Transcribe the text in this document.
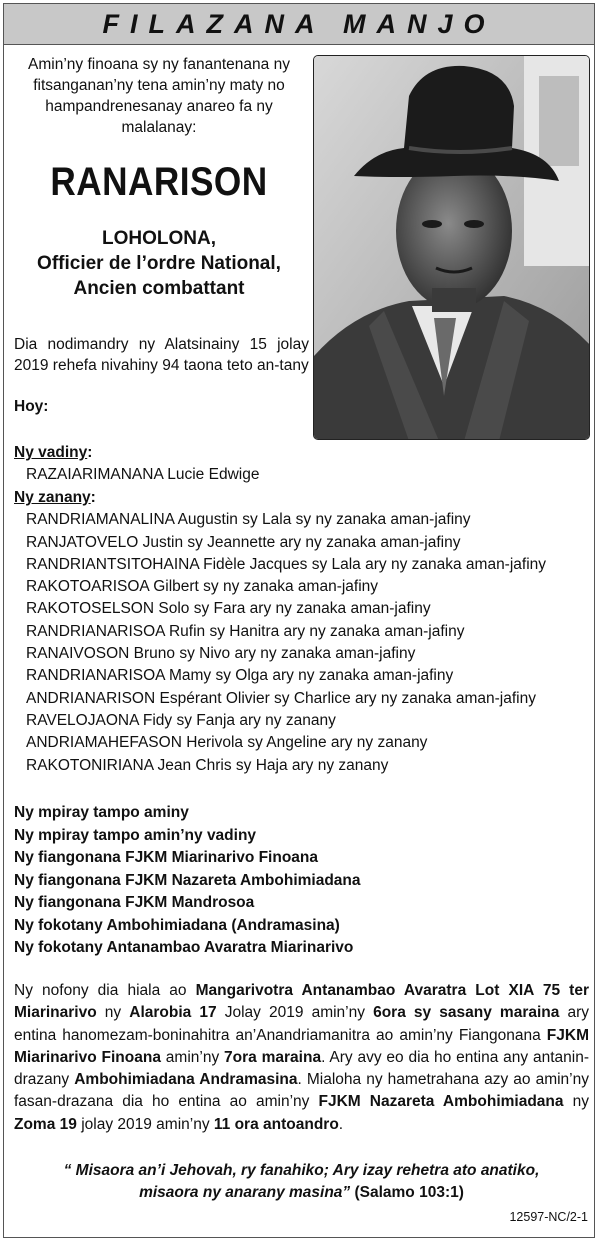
FILAZANA MANJO
Amin’ny finoana sy ny fanantenana ny fitsanganan’ny tena amin’ny maty no hampandrenesanay anareo fa ny malalanay:
RANARISON
LOHOLONA,
Officier de l’ordre National,
Ancien combattant
Dia nodimandry ny Alatsinainy 15 jolay 2019 rehefa nivahiny 94 taona teto an-tany
Hoy:
Ny vadiny:
RAZAIARIMANANA Lucie Edwige
Ny zanany:
RANDRIAMANALINA Augustin sy Lala sy ny zanaka aman-jafiny
RANJATOVELO Justin sy Jeannette ary ny zanaka aman-jafiny
RANDRIANTSITOHAINA Fidèle Jacques sy Lala ary ny zanaka aman-jafiny
RAKOTOARISOA Gilbert sy ny zanaka aman-jafiny
RAKOTOSELSON Solo sy Fara ary ny zanaka aman-jafiny
RANDRIANARISOA Rufin sy Hanitra ary ny zanaka aman-jafiny
RANAIVOSON Bruno sy Nivo ary ny zanaka aman-jafiny
RANDRIANARISOA Mamy sy Olga ary ny zanaka aman-jafiny
ANDRIANARISON Espérant Olivier sy Charlice ary ny zanaka aman-jafiny
RAVELOJAONA Fidy sy Fanja ary ny zanany
ANDRIAMAHEFASON Herivola sy Angeline ary ny zanany
RAKOTONIRIANA Jean Chris sy Haja ary ny zanany
Ny mpiray tampo aminy
Ny mpiray tampo amin’ny vadiny
Ny fiangonana FJKM Miarinarivo Finoana
Ny fiangonana FJKM Nazareta Ambohimiadana
Ny fiangonana FJKM Mandrosoa
Ny fokotany Ambohimiadana (Andramasina)
Ny fokotany Antanambao Avaratra Miarinarivo
Ny nofony dia hiala ao Mangarivotra Antanambao Avaratra Lot XIA 75 ter Miarinarivo ny Alarobia 17 Jolay 2019 amin’ny 6ora sy sasany maraina ary entina hanomezam-boninahitra an’Anandriamanitra ao amin’ny Fiangonana FJKM Miarinarivo Finoana amin’ny 7ora maraina. Ary avy eo dia ho entina any antanin-drazany Ambohimiadana Andramasina. Mialoha ny hametrahana azy ao amin’ny fasan-drazana dia ho entina ao amin’ny FJKM Nazareta Ambohimiadana ny Zoma 19 jolay 2019 amin’ny 11 ora antoandro.
“ Misaora an’i Jehovah, ry fanahiko; Ary izay rehetra ato anatiko,
misaora ny anarany masina” (Salamo 103:1)
12597-NC/2-1
